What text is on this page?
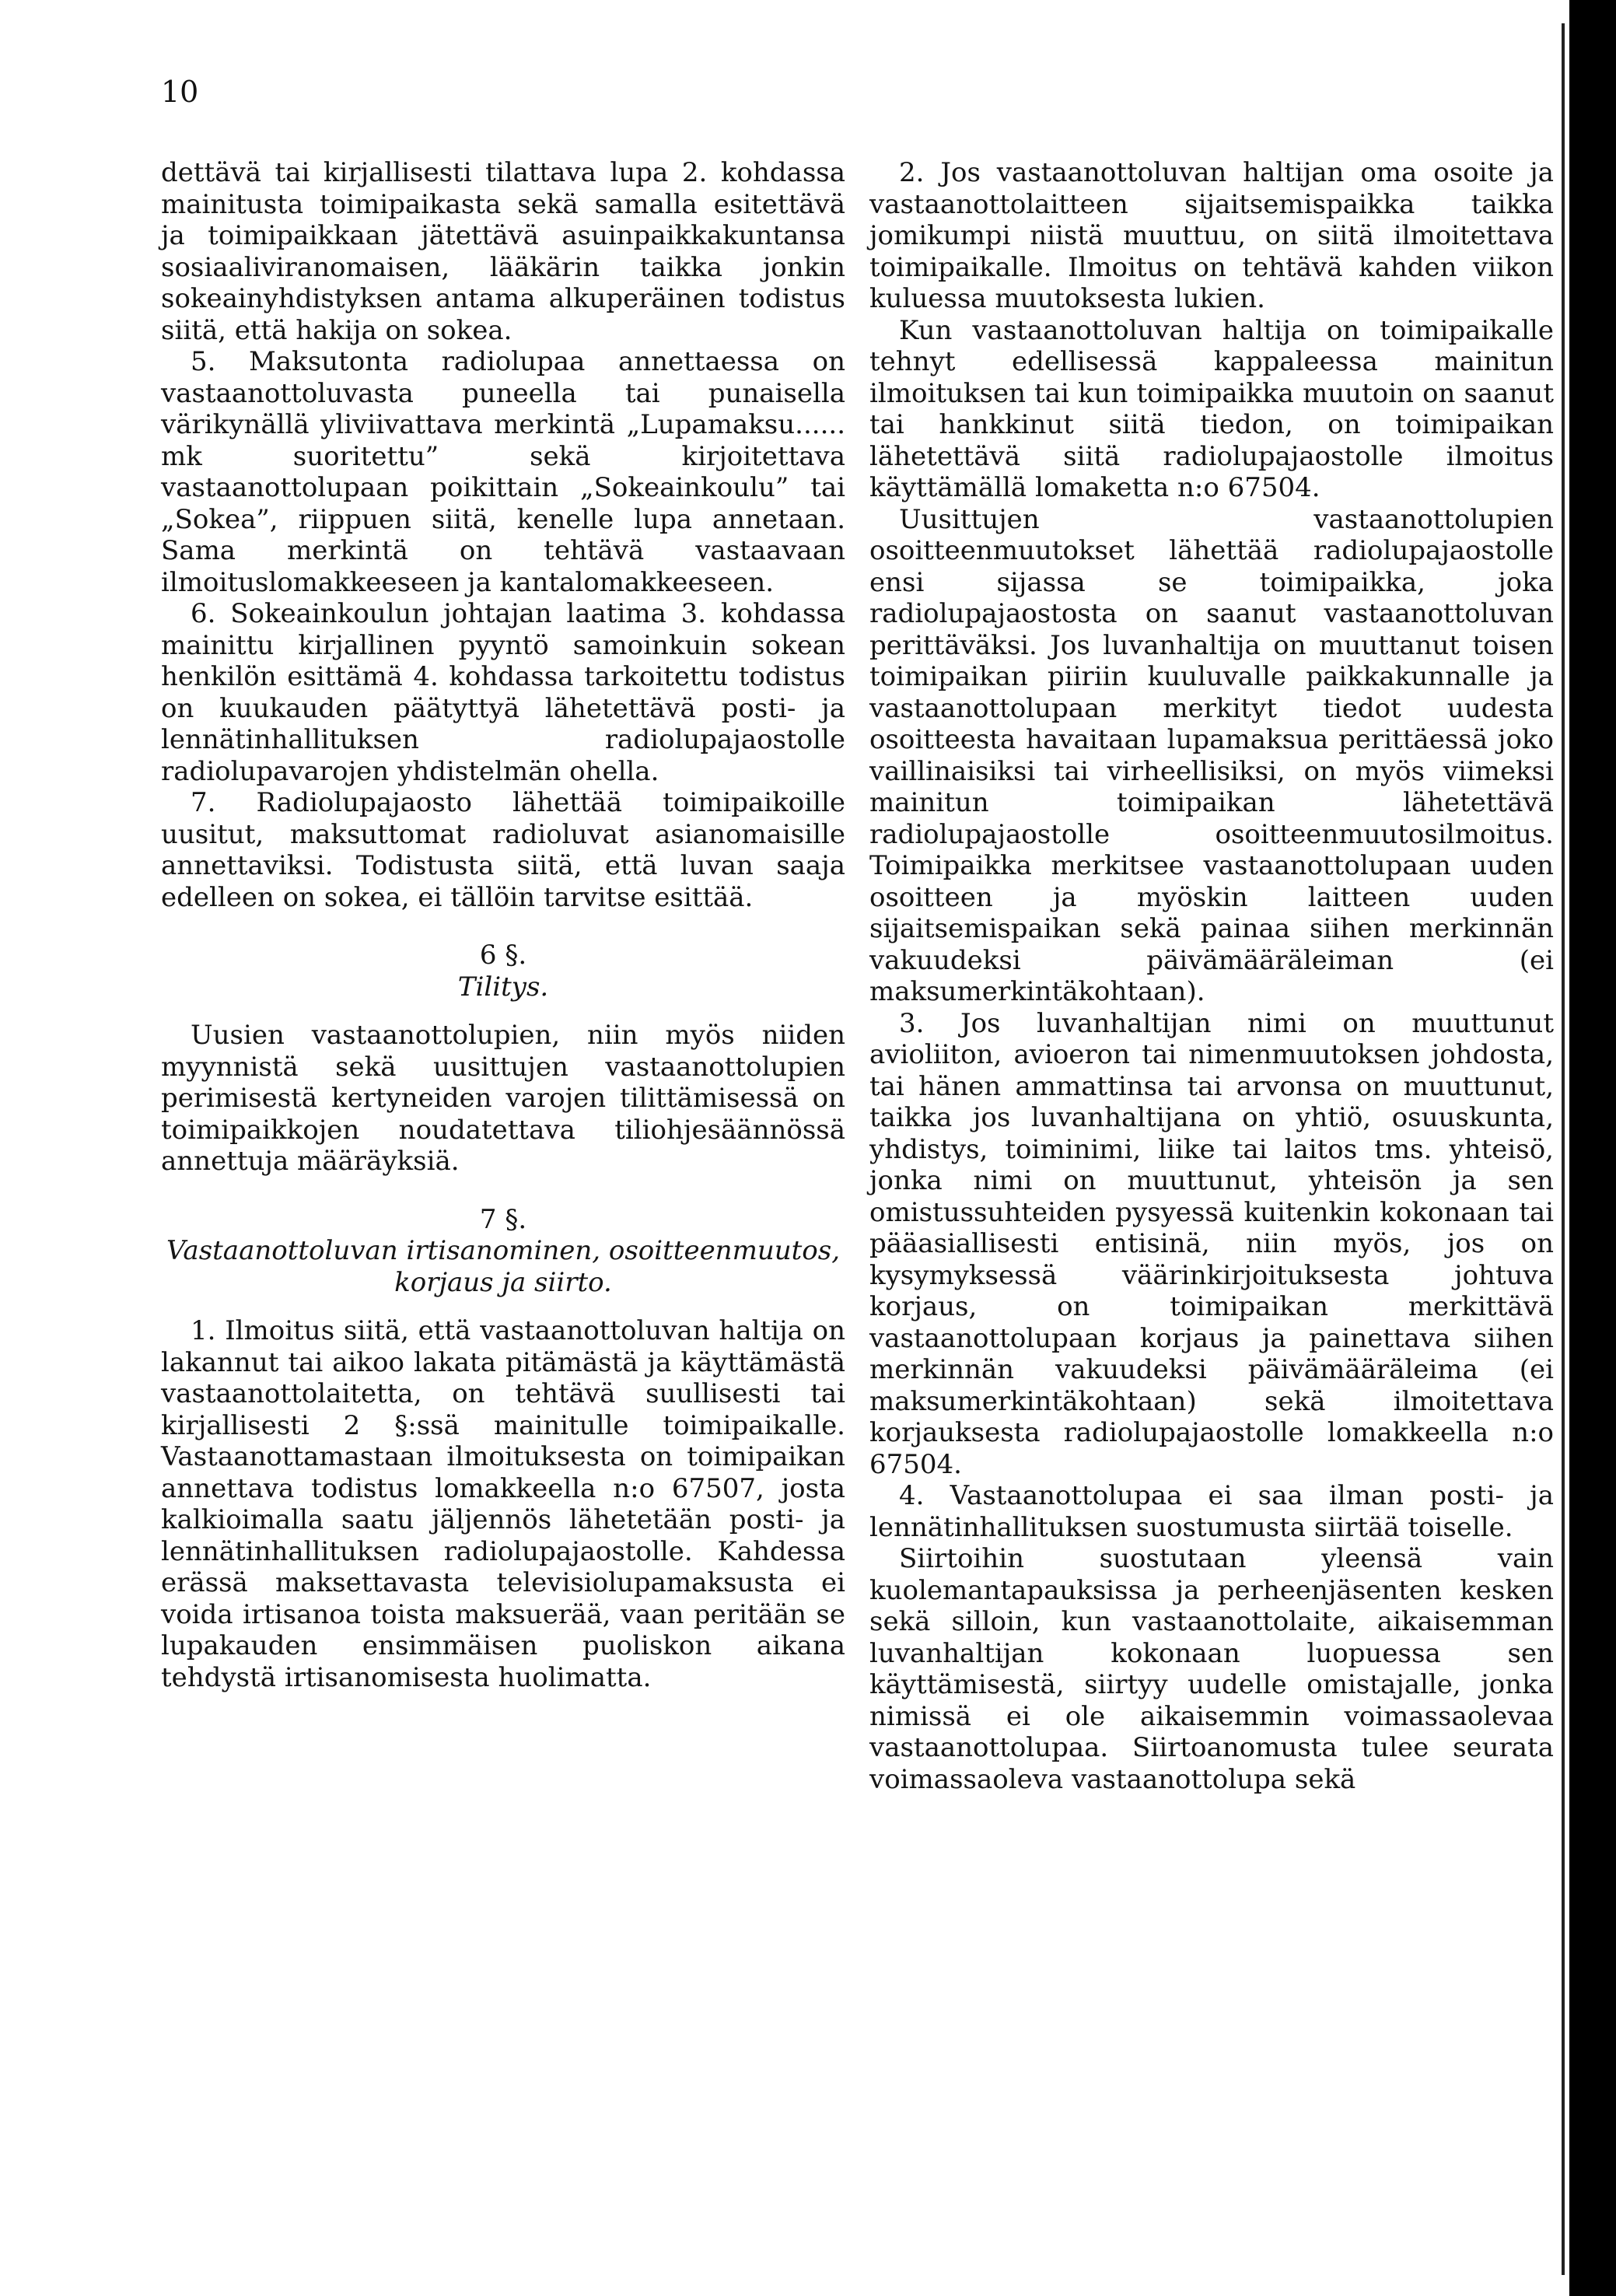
10

dettävä tai kirjallisesti tilattava lupa 2. kohdassa mainitusta toimipaikasta sekä samalla esitettävä ja toimipaikkaan jätettävä asuinpaikkakuntansa sosiaaliviranomaisen, lääkärin taikka jonkin sokeainyhdistyksen antama alkuperäinen todistus siitä, että hakija on sokea.

5. Maksutonta radiolupaa annettaessa on vastaanottoluvasta puneella tai punaisella värikynällä yliviivattava merkintä „Lupamaksu...... mk suoritettu” sekä kirjoitettava vastaanottolupaan poikittain „Sokeainkoulu” tai „Sokea”, riippuen siitä, kenelle lupa annetaan. Sama merkintä on tehtävä vastaavaan ilmoituslomakkeeseen ja kantalomakkeeseen.

6. Sokeainkoulun johtajan laatima 3. kohdassa mainittu kirjallinen pyyntö samoinkuin sokean henkilön esittämä 4. kohdassa tarkoitettu todistus on kuukauden päätyttyä lähetettävä posti- ja lennätinhallituksen radiolupajaostolle radiolupavarojen yhdistelmän ohella.

7. Radiolupajaosto lähettää toimipaikoille uusitut, maksuttomat radioluvat asianomaisille annettaviksi. Todistusta siitä, että luvan saaja edelleen on sokea, ei tällöin tarvitse esittää.

6 §.
Tilitys.

Uusien vastaanottolupien, niin myös niiden myynnistä sekä uusittujen vastaanottolupien perimisestä kertyneiden varojen tilittämisessä on toimipaikkojen noudatettava tiliohjesäännössä annettuja määräyksiä.

7 §.
Vastaanottoluvan irtisanominen, osoitteenmuutos, korjaus ja siirto.

1. Ilmoitus siitä, että vastaanottoluvan haltija on lakannut tai aikoo lakata pitämästä ja käyttämästä vastaanottolaitetta, on tehtävä suullisesti tai kirjallisesti 2 §:ssä mainitulle toimipaikalle. Vastaanottamastaan ilmoituksesta on toimipaikan annettava todistus lomakkeella n:o 67507, josta kalkioimalla saatu jäljennös lähetetään posti- ja lennätinhallituksen radiolupajaostolle. Kahdessa erässä maksettavasta televisiolupamaksusta ei voida irtisanoa toista maksuerää, vaan peritään se lupakauden ensimmäisen puoliskon aikana tehdystä irtisanomisesta huolimatta.

2. Jos vastaanottoluvan haltijan oma osoite ja vastaanottolaitteen sijaitsemispaikka taikka jomikumpi niistä muuttuu, on siitä ilmoitettava toimipaikalle. Ilmoitus on tehtävä kahden viikon kuluessa muutoksesta lukien.

Kun vastaanottoluvan haltija on toimipaikalle tehnyt edellisessä kappaleessa mainitun ilmoituksen tai kun toimipaikka muutoin on saanut tai hankkinut siitä tiedon, on toimipaikan lähetettävä siitä radiolupajaostolle ilmoitus käyttämällä lomaketta n:o 67504.

Uusittujen vastaanottolupien osoitteenmuutokset lähettää radiolupajaostolle ensi sijassa se toimipaikka, joka radiolupajaostosta on saanut vastaanottoluvan perittäväksi. Jos luvanhaltija on muuttanut toisen toimipaikan piiriin kuuluvalle paikkakunnalle ja vastaanottolupaan merkityt tiedot uudesta osoitteesta havaitaan lupamaksua perittäessä joko vaillinaisiksi tai virheellisiksi, on myös viimeksi mainitun toimipaikan lähetettävä radiolupajaostolle osoitteenmuutosilmoitus. Toimipaikka merkitsee vastaanottolupaan uuden osoitteen ja myöskin laitteen uuden sijaitsemispaikan sekä painaa siihen merkinnän vakuudeksi päivämääräleiman (ei maksumerkintäkohtaan).

3. Jos luvanhaltijan nimi on muuttunut avioliiton, avioeron tai nimenmuutoksen johdosta, tai hänen ammattinsa tai arvonsa on muuttunut, taikka jos luvanhaltijana on yhtiö, osuuskunta, yhdistys, toiminimi, liike tai laitos tms. yhteisö, jonka nimi on muuttunut, yhteisön ja sen omistussuhteiden pysyessä kuitenkin kokonaan tai pääasiallisesti entisinä, niin myös, jos on kysymyksessä väärinkirjoituksesta johtuva korjaus, on toimipaikan merkittävä vastaanottolupaan korjaus ja painettava siihen merkinnän vakuudeksi päivämääräleima (ei maksumerkintäkohtaan) sekä ilmoitettava korjauksesta radiolupajaostolle lomakkeella n:o 67504.

4. Vastaanottolupaa ei saa ilman posti- ja lennätinhallituksen suostumusta siirtää toiselle.

Siirtoihin suostutaan yleensä vain kuolemantapauksissa ja perheenjäsenten kesken sekä silloin, kun vastaanottolaite, aikaisemman luvanhaltijan kokonaan luopuessa sen käyttämisestä, siirtyy uudelle omistajalle, jonka nimissä ei ole aikaisemmin voimassaolevaa vastaanottolupaa. Siirtoanomusta tulee seurata voimassaoleva vastaanottolupa sekä
